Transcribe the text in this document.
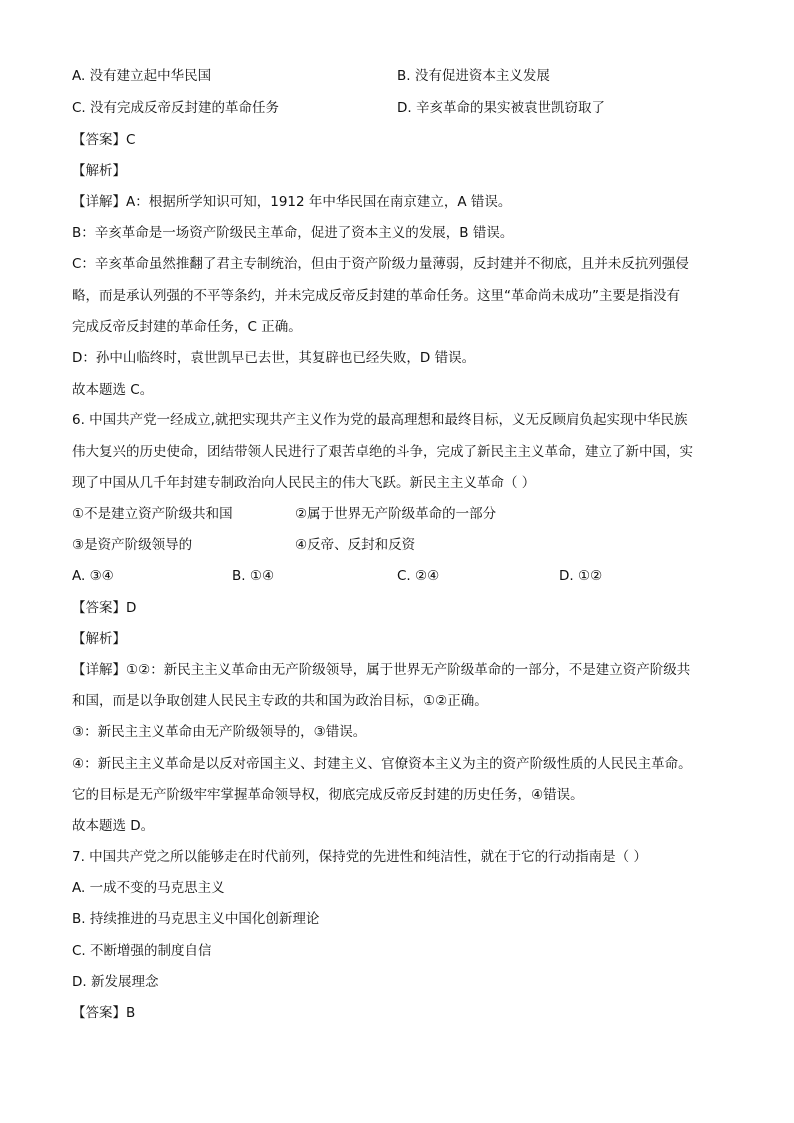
A. 没有建立起中华民国	B. 没有促进资本主义发展
C. 没有完成反帝反封建的革命任务	D. 辛亥革命的果实被袁世凯窃取了
【答案】C
【解析】
【详解】A：根据所学知识可知，1912 年中华民国在南京建立，A 错误。
B：辛亥革命是一场资产阶级民主革命，促进了资本主义的发展，B 错误。
C：辛亥革命虽然推翻了君主专制统治，但由于资产阶级力量薄弱，反封建并不彻底，且并未反抗列强侵
略，而是承认列强的不平等条约，并未完成反帝反封建的革命任务。这里“革命尚未成功”主要是指没有
完成反帝反封建的革命任务，C 正确。
D：孙中山临终时，袁世凯早已去世，其复辟也已经失败，D 错误。
故本题选 C。
6. 中国共产党一经成立,就把实现共产主义作为党的最高理想和最终目标，义无反顾肩负起实现中华民族
伟大复兴的历史使命，团结带领人民进行了艰苦卓绝的斗争，完成了新民主主义革命，建立了新中国，实
现了中国从几千年封建专制政治向人民民主的伟大飞跃。新民主主义革命（ ）
①不是建立资产阶级共和国	②属于世界无产阶级革命的一部分
③是资产阶级领导的	④反帝、反封和反资
A. ③④	B. ①④	C. ②④	D. ①②
【答案】D
【解析】
【详解】①②：新民主主义革命由无产阶级领导，属于世界无产阶级革命的一部分，不是建立资产阶级共
和国，而是以争取创建人民民主专政的共和国为政治目标，①②正确。
③：新民主主义革命由无产阶级领导的，③错误。
④：新民主主义革命是以反对帝国主义、封建主义、官僚资本主义为主的资产阶级性质的人民民主革命。
它的目标是无产阶级牢牢掌握革命领导权，彻底完成反帝反封建的历史任务，④错误。
故本题选 D。
7. 中国共产党之所以能够走在时代前列，保持党的先进性和纯洁性，就在于它的行动指南是（ ）
A. 一成不变的马克思主义
B. 持续推进的马克思主义中国化创新理论
C. 不断增强的制度自信
D. 新发展理念
【答案】B
